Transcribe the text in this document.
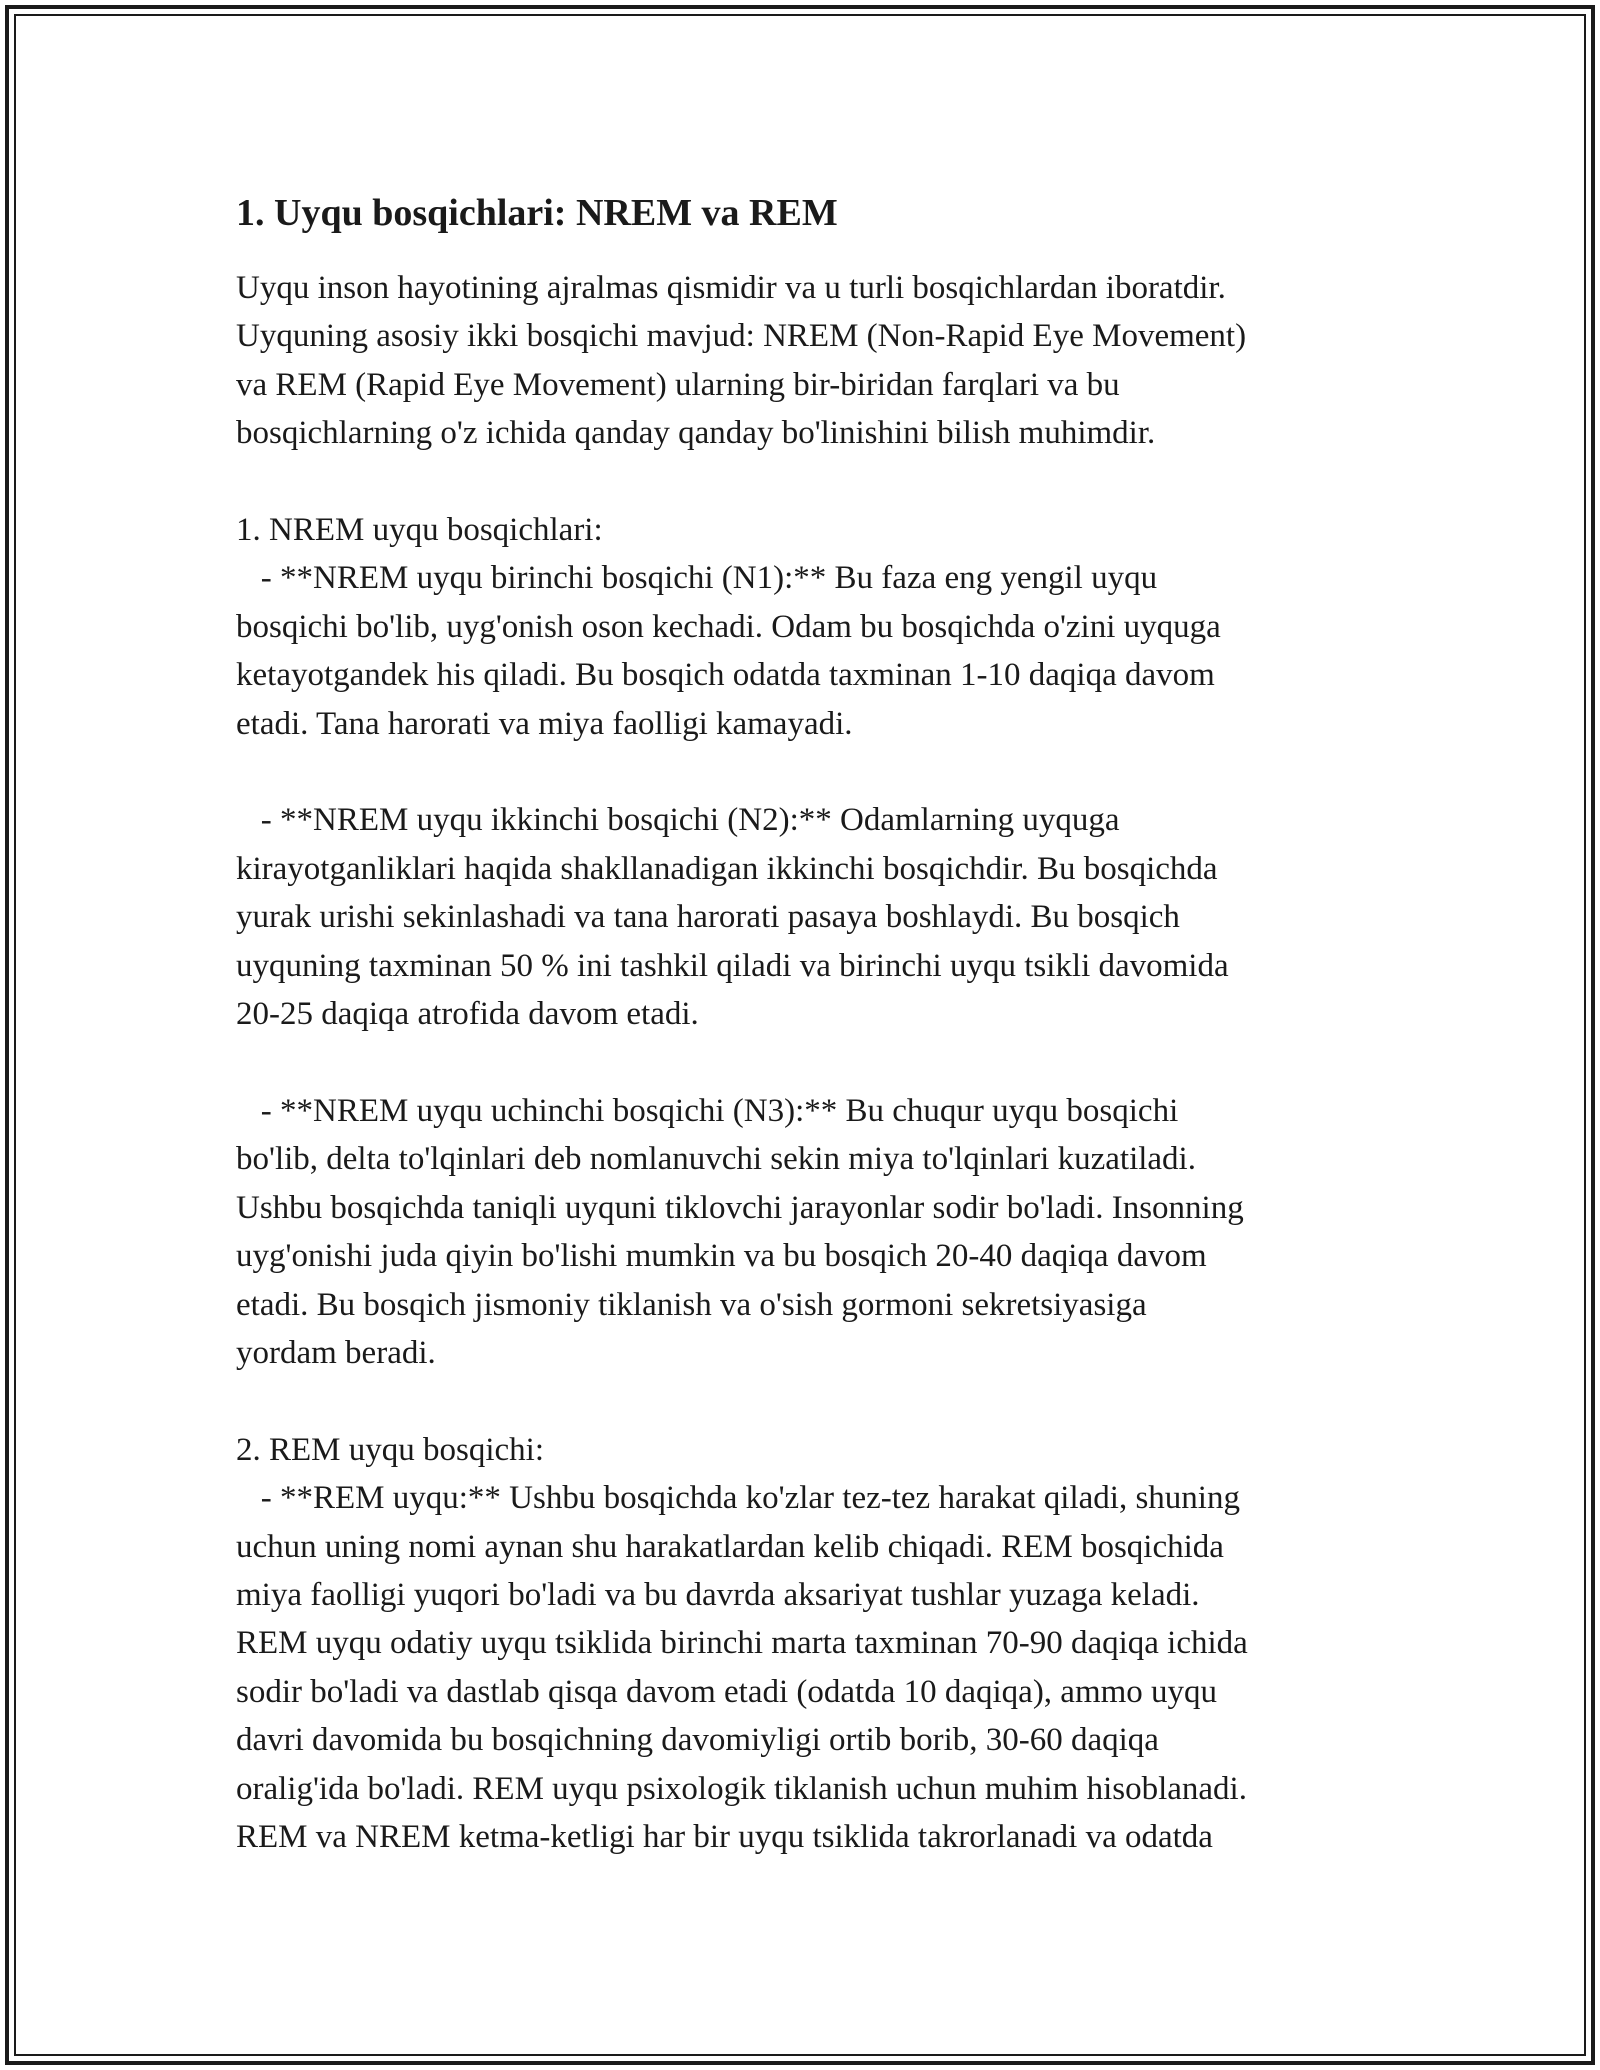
1. Uyqu bosqichlari: NREM va REM

Uyqu inson hayotining ajralmas qismidir va u turli bosqichlardan iboratdir.
Uyquning asosiy ikki bosqichi mavjud: NREM (Non-Rapid Eye Movement)
va REM (Rapid Eye Movement) ularning bir-biridan farqlari va bu
bosqichlarning o'z ichida qanday qanday bo'linishini bilish muhimdir.

1. NREM uyqu bosqichlari:
- **NREM uyqu birinchi bosqichi (N1):** Bu faza eng yengil uyqu
bosqichi bo'lib, uyg'onish oson kechadi. Odam bu bosqichda o'zini uyquga
ketayotgandek his qiladi. Bu bosqich odatda taxminan 1-10 daqiqa davom
etadi. Tana harorati va miya faolligi kamayadi.

- **NREM uyqu ikkinchi bosqichi (N2):** Odamlarning uyquga
kirayotganliklari haqida shakllanadigan ikkinchi bosqichdir. Bu bosqichda
yurak urishi sekinlashadi va tana harorati pasaya boshlaydi. Bu bosqich
uyquning taxminan 50 % ini tashkil qiladi va birinchi uyqu tsikli davomida
20-25 daqiqa atrofida davom etadi.

- **NREM uyqu uchinchi bosqichi (N3):** Bu chuqur uyqu bosqichi
bo'lib, delta to'lqinlari deb nomlanuvchi sekin miya to'lqinlari kuzatiladi.
Ushbu bosqichda taniqli uyquni tiklovchi jarayonlar sodir bo'ladi. Insonning
uyg'onishi juda qiyin bo'lishi mumkin va bu bosqich 20-40 daqiqa davom
etadi. Bu bosqich jismoniy tiklanish va o'sish gormoni sekretsiyasiga
yordam beradi.

2. REM uyqu bosqichi:
- **REM uyqu:** Ushbu bosqichda ko'zlar tez-tez harakat qiladi, shuning
uchun uning nomi aynan shu harakatlardan kelib chiqadi. REM bosqichida
miya faolligi yuqori bo'ladi va bu davrda aksariyat tushlar yuzaga keladi.
REM uyqu odatiy uyqu tsiklida birinchi marta taxminan 70-90 daqiqa ichida
sodir bo'ladi va dastlab qisqa davom etadi (odatda 10 daqiqa), ammo uyqu
davri davomida bu bosqichning davomiyligi ortib borib, 30-60 daqiqa
oralig'ida bo'ladi. REM uyqu psixologik tiklanish uchun muhim hisoblanadi.
REM va NREM ketma-ketligi har bir uyqu tsiklida takrorlanadi va odatda
